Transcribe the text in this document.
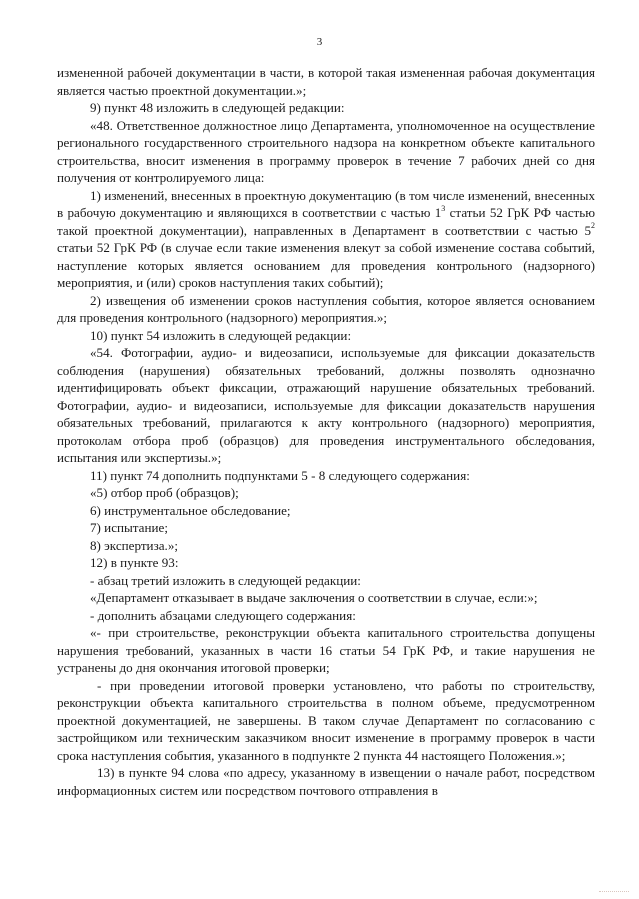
3

измененной рабочей документации в части, в которой такая измененная рабочая документация является частью проектной документации.»;

9) пункт 48 изложить в следующей редакции:

«48. Ответственное должностное лицо Департамента, уполномоченное на осуществление регионального государственного строительного надзора на конкретном объекте капитального строительства, вносит изменения в программу проверок в течение 7 рабочих дней со дня получения от контролируемого лица:

1) изменений, внесенных в проектную документацию (в том числе изменений, внесенных в рабочую документацию и являющихся в соответствии с частью $1^3$ статьи 52 ГрК РФ частью такой проектной документации), направленных в Департамент в соответствии с частью $5^2$ статьи 52 ГрК РФ (в случае если такие изменения влекут за собой изменение состава событий, наступление которых является основанием для проведения контрольного (надзорного) мероприятия, и (или) сроков наступления таких событий);

2) извещения об изменении сроков наступления события, которое является основанием для проведения контрольного (надзорного) мероприятия.»;

10) пункт 54 изложить в следующей редакции:

«54. Фотографии, аудио- и видеозаписи, используемые для фиксации доказательств соблюдения (нарушения) обязательных требований, должны позволять однозначно идентифицировать объект фиксации, отражающий нарушение обязательных требований. Фотографии, аудио- и видеозаписи, используемые для фиксации доказательств нарушения обязательных требований, прилагаются к акту контрольного (надзорного) мероприятия, протоколам отбора проб (образцов) для проведения инструментального обследования, испытания или экспертизы.»;

11) пункт 74 дополнить подпунктами 5 - 8 следующего содержания:

«5) отбор проб (образцов);

6) инструментальное обследование;

7) испытание;

8) экспертиза.»;

12) в пункте 93:

- абзац третий изложить в следующей редакции:

«Департамент отказывает в выдаче заключения о соответствии в случае, если:»;

- дополнить абзацами следующего содержания:

«- при строительстве, реконструкции объекта капитального строительства допущены нарушения требований, указанных в части 16 статьи 54 ГрК РФ, и такие нарушения не устранены до дня окончания итоговой проверки;

- при проведении итоговой проверки установлено, что работы по строительству, реконструкции объекта капитального строительства в полном объеме, предусмотренном проектной документацией, не завершены. В таком случае Департамент по согласованию с застройщиком или техническим заказчиком вносит изменение в программу проверок в части срока наступления события, указанного в подпункте 2 пункта 44 настоящего Положения.»;

13) в пункте 94 слова «по адресу, указанному в извещении о начале работ, посредством информационных систем или посредством почтового отправления в
